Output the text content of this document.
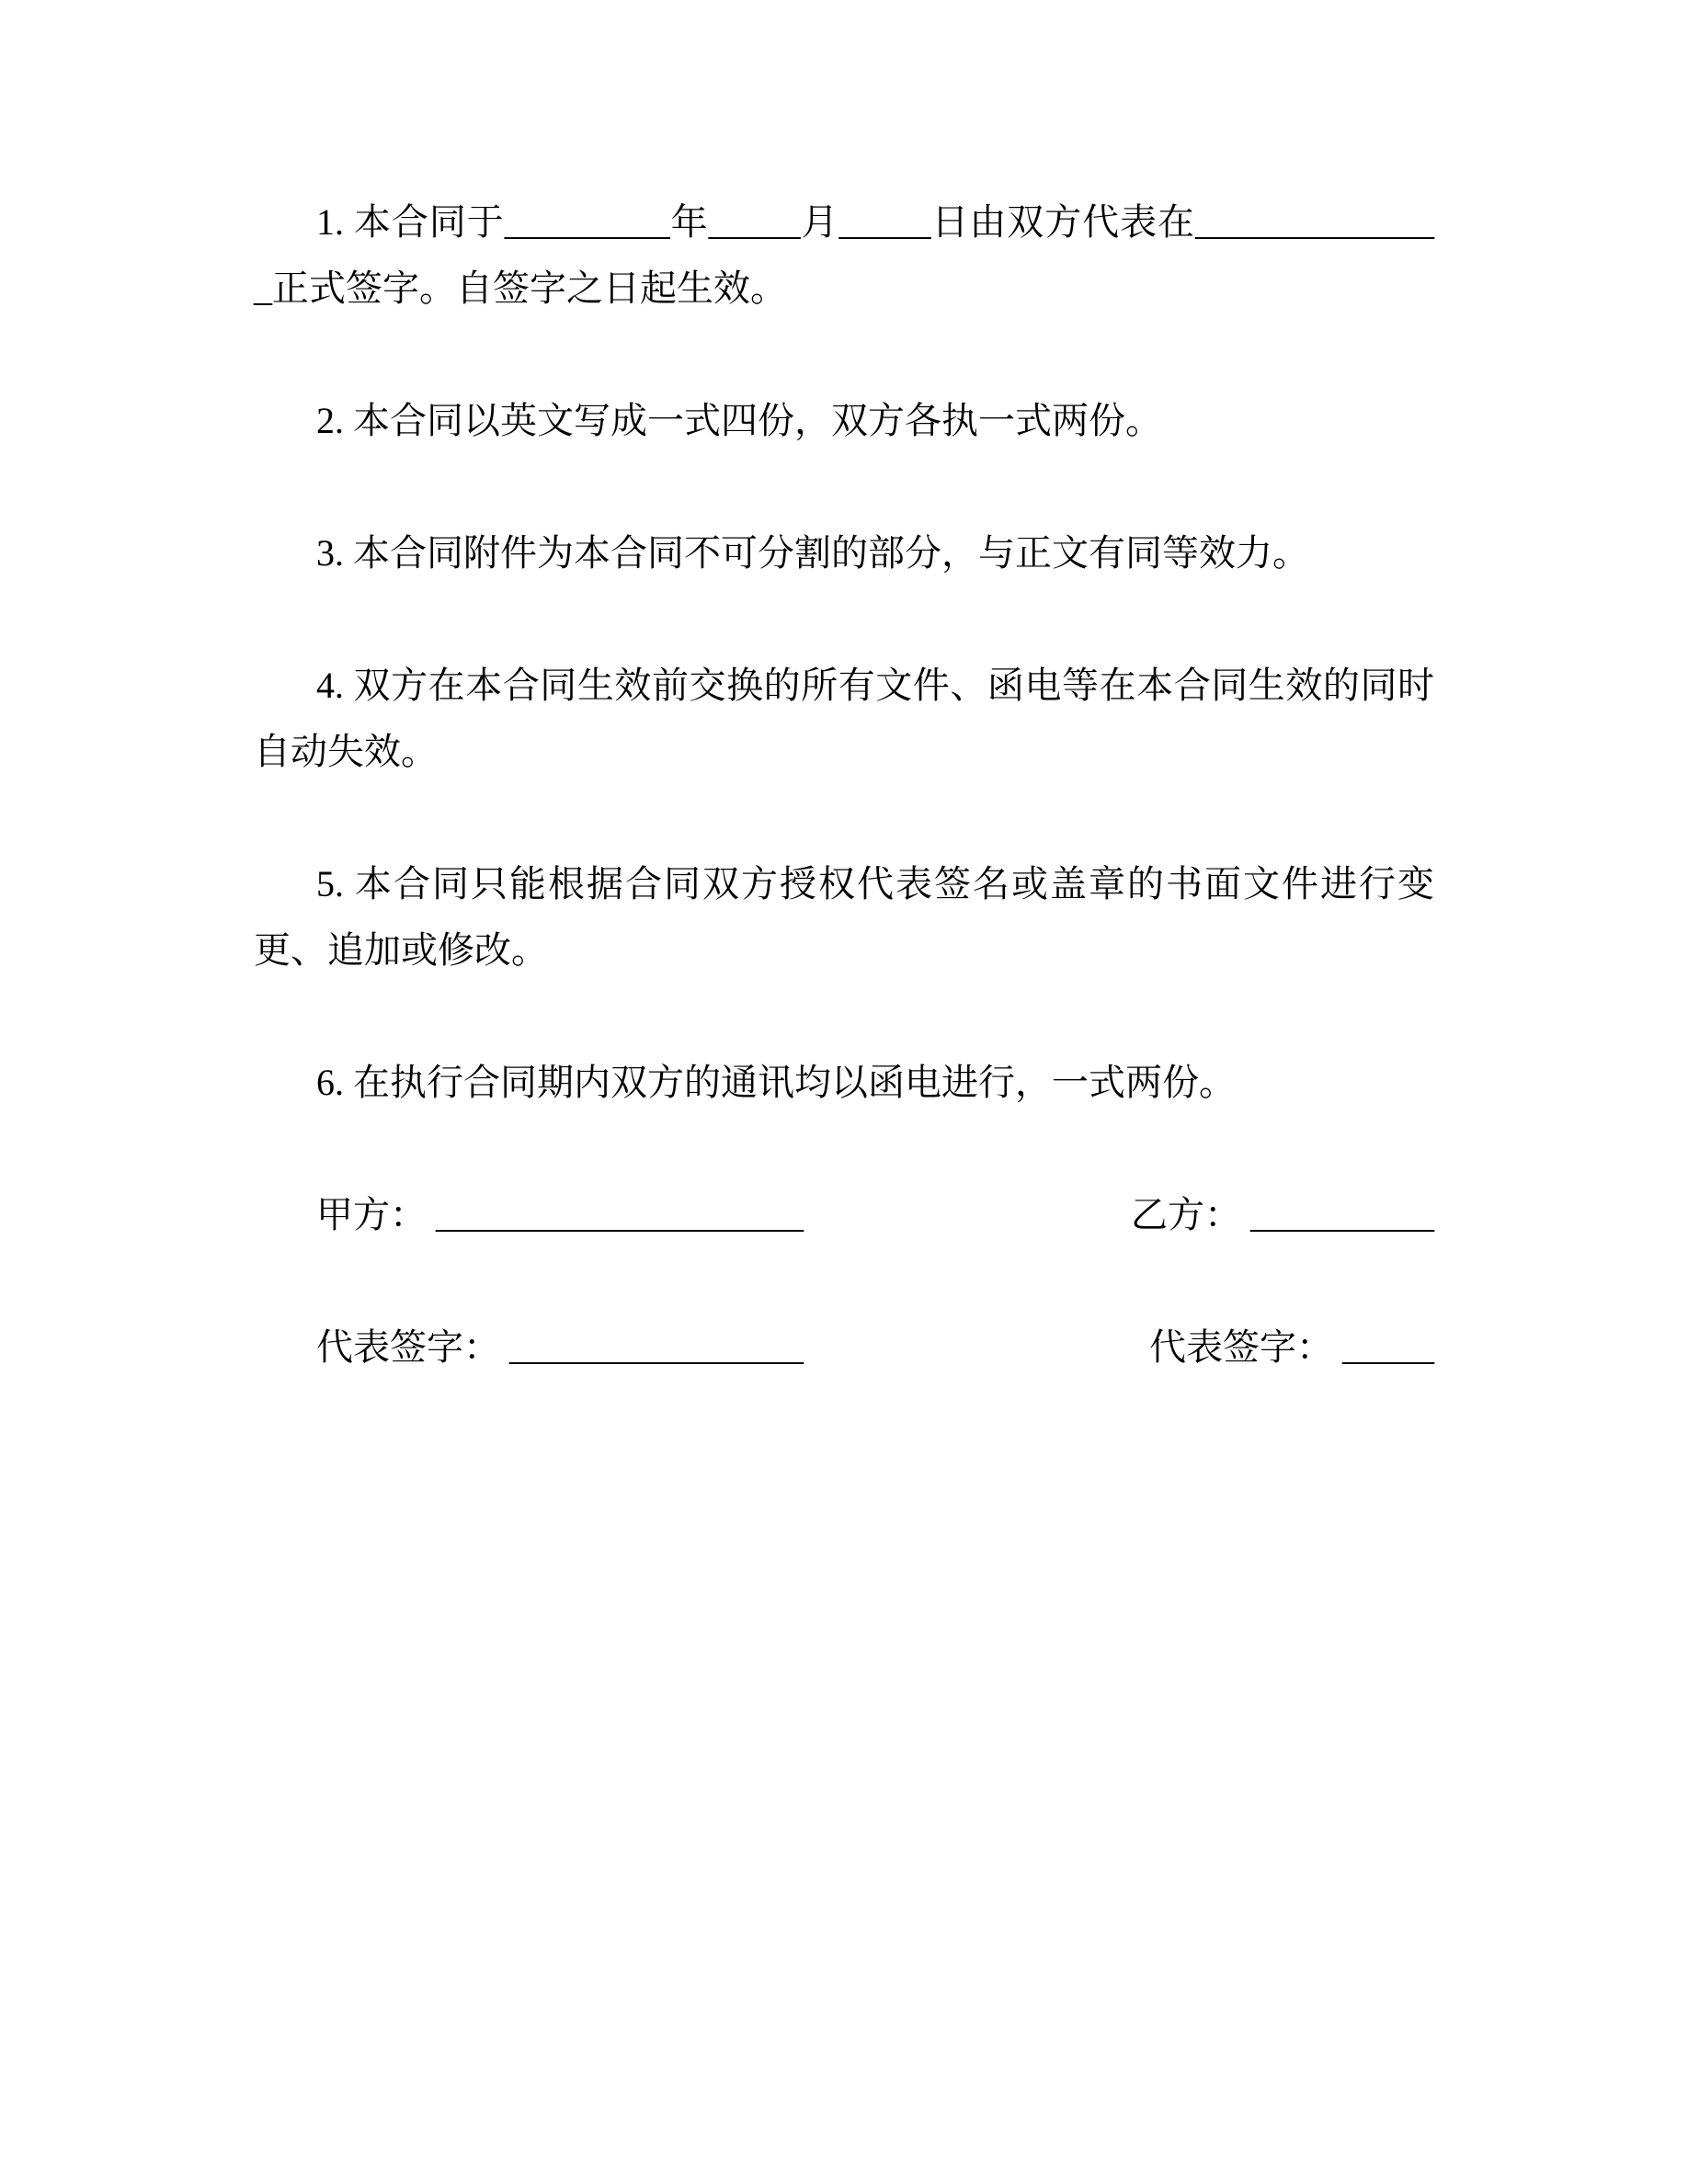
1. 本合同于_________年_____月_____日由双方代表在______________正式签字。自签字之日起生效。

2. 本合同以英文写成一式四份，双方各执一式两份。

3. 本合同附件为本合同不可分割的部分，与正文有同等效力。

4. 双方在本合同生效前交换的所有文件、函电等在本合同生效的同时自动失效。

5. 本合同只能根据合同双方授权代表签名或盖章的书面文件进行变更、追加或修改。

6. 在执行合同期内双方的通讯均以函电进行，一式两份。

甲方： ____________________	乙方： __________
代表签字： ________________	代表签字： _____
